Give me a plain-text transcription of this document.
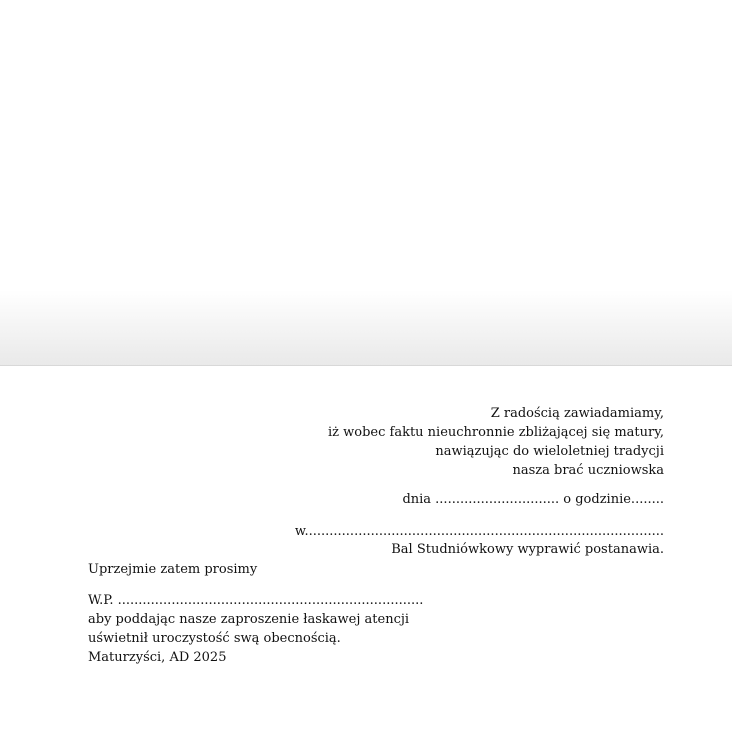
Z radością zawiadamiamy,
iż wobec faktu nieuchronnie zbliżającej się matury,
nawiązując do wieloletniej tradycji
nasza brać uczniowska
dnia .............................. o godzinie........
w.......................................................................................
Bal Studniówkowy wyprawić postanawia.
Uprzejmie zatem prosimy
W.P. ..........................................................................
aby poddając nasze zaproszenie łaskawej atencji
uświetnił uroczystość swą obecnością.
Maturzyści, AD 2025
